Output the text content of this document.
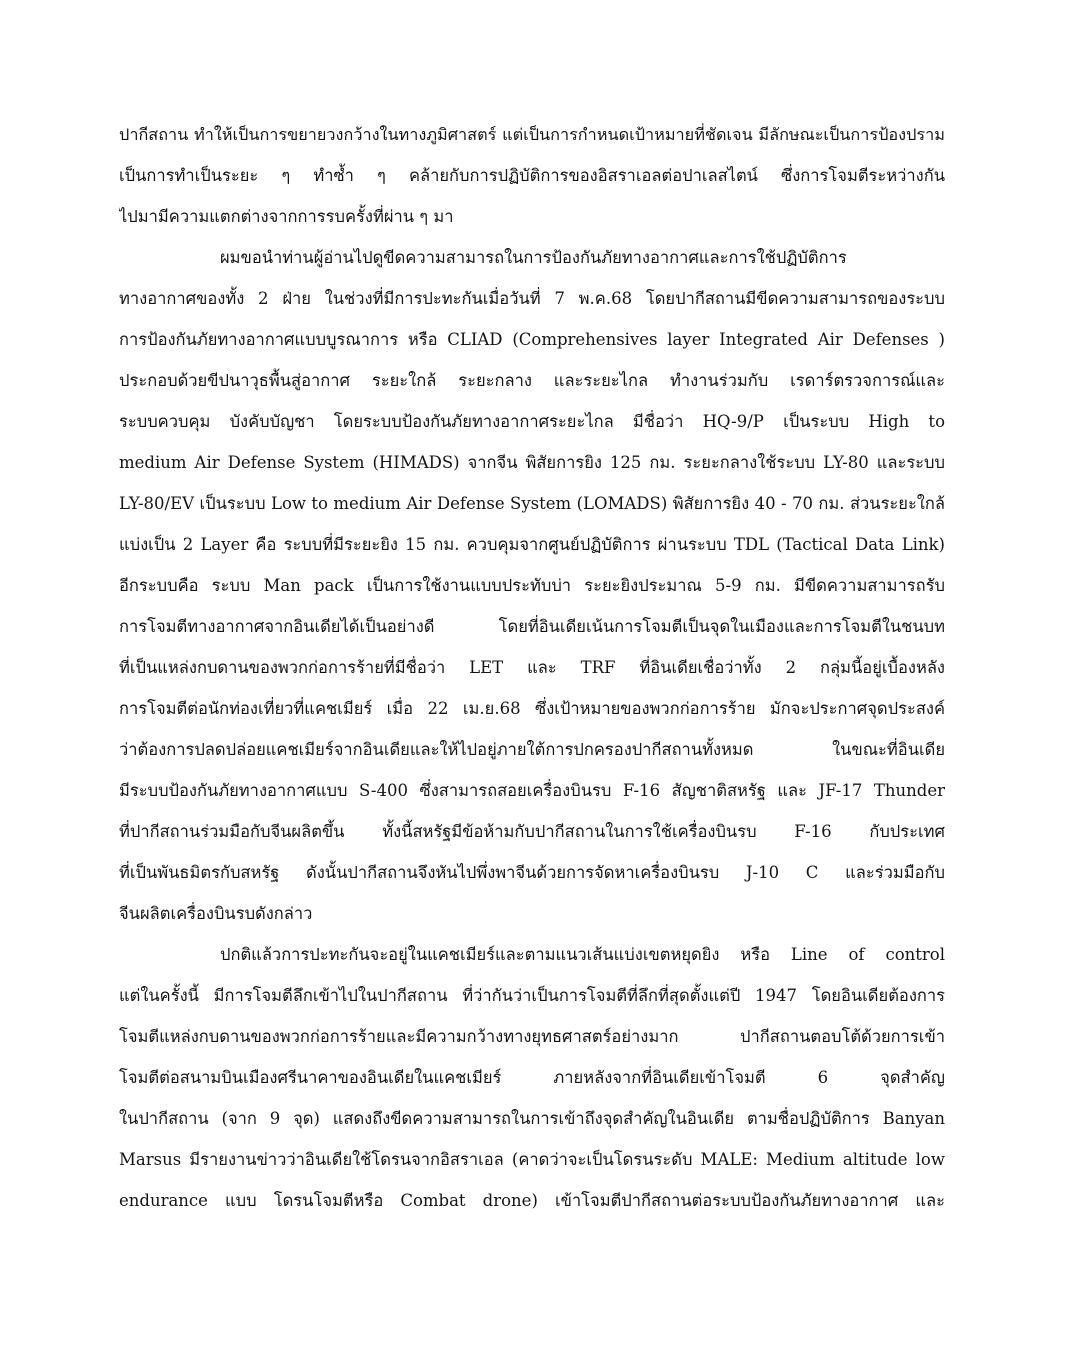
ปากีสถาน ทำให้เป็นการขยายวงกว้างในทางภูมิศาสตร์ แต่เป็นการกำหนดเป้าหมายที่ชัดเจน มีลักษณะเป็นการป้องปราม
เป็นการทำเป็นระยะ ๆ ทำซ้ำ ๆ คล้ายกับการปฏิบัติการของอิสราเอลต่อปาเลสไตน์ ซึ่งการโจมตีระหว่างกัน
ไปมามีความแตกต่างจากการรบครั้งที่ผ่าน ๆ มา
ผมขอนำท่านผู้อ่านไปดูขีดความสามารถในการป้องกันภัยทางอากาศและการใช้ปฏิบัติการ
ทางอากาศของทั้ง 2 ฝ่าย ในช่วงที่มีการปะทะกันเมื่อวันที่ 7 พ.ค.68 โดยปากีสถานมีขีดความสามารถของระบบ
การป้องกันภัยทางอากาศแบบบูรณาการ หรือ CLIAD (Comprehensives layer Integrated Air Defenses )
ประกอบด้วยขีปนาวุธพื้นสู่อากาศ ระยะใกล้ ระยะกลาง และระยะไกล ทำงานร่วมกับ เรดาร์ตรวจการณ์และ
ระบบควบคุม บังคับบัญชา โดยระบบป้องกันภัยทางอากาศระยะไกล มีชื่อว่า HQ-9/P เป็นระบบ High to
medium Air Defense System (HIMADS) จากจีน พิสัยการยิง 125 กม. ระยะกลางใช้ระบบ LY-80 และระบบ
LY-80/EV เป็นระบบ Low to medium Air Defense System (LOMADS) พิสัยการยิง 40 - 70 กม. ส่วนระยะใกล้
แบ่งเป็น 2 Layer คือ ระบบที่มีระยะยิง 15 กม. ควบคุมจากศูนย์ปฏิบัติการ ผ่านระบบ TDL (Tactical Data Link)
อีกระบบคือ ระบบ Man pack เป็นการใช้งานแบบประทับบ่า ระยะยิงประมาณ 5-9 กม. มีขีดความสามารถรับ
การโจมตีทางอากาศจากอินเดียได้เป็นอย่างดี โดยที่อินเดียเน้นการโจมตีเป็นจุดในเมืองและการโจมตีในชนบท
ที่เป็นแหล่งกบดานของพวกก่อการร้ายที่มีชื่อว่า LET และ TRF ที่อินเดียเชื่อว่าทั้ง 2 กลุ่มนี้อยู่เบื้องหลัง
การโจมตีต่อนักท่องเที่ยวที่แคชเมียร์ เมื่อ 22 เม.ย.68 ซึ่งเป้าหมายของพวกก่อการร้าย มักจะประกาศจุดประสงค์
ว่าต้องการปลดปล่อยแคชเมียร์จากอินเดียและให้ไปอยู่ภายใต้การปกครองปากีสถานทั้งหมด ในขณะที่อินเดีย
มีระบบป้องกันภัยทางอากาศแบบ S-400 ซึ่งสามารถสอยเครื่องบินรบ F-16 สัญชาติสหรัฐ และ JF-17 Thunder
ที่ปากีสถานร่วมมือกับจีนผลิตขึ้น ทั้งนี้สหรัฐมีข้อห้ามกับปากีสถานในการใช้เครื่องบินรบ F-16 กับประเทศ
ที่เป็นพันธมิตรกับสหรัฐ ดังนั้นปากีสถานจึงหันไปพึ่งพาจีนด้วยการจัดหาเครื่องบินรบ J-10 C และร่วมมือกับ
จีนผลิตเครื่องบินรบดังกล่าว
ปกติแล้วการปะทะกันจะอยู่ในแคชเมียร์และตามแนวเส้นแบ่งเขตหยุดยิง หรือ Line of control
แต่ในครั้งนี้ มีการโจมตีลึกเข้าไปในปากีสถาน ที่ว่ากันว่าเป็นการโจมตีที่ลึกที่สุดตั้งแต่ปี 1947 โดยอินเดียต้องการ
โจมตีแหล่งกบดานของพวกก่อการร้ายและมีความกว้างทางยุทธศาสตร์อย่างมาก ปากีสถานตอบโต้ด้วยการเข้า
โจมตีต่อสนามบินเมืองศรีนาคาของอินเดียในแคชเมียร์ ภายหลังจากที่อินเดียเข้าโจมตี 6 จุดสำคัญ
ในปากีสถาน (จาก 9 จุด) แสดงถึงขีดความสามารถในการเข้าถึงจุดสำคัญในอินเดีย ตามชื่อปฏิบัติการ Banyan
Marsus มีรายงานข่าวว่าอินเดียใช้โดรนจากอิสราเอล (คาดว่าจะเป็นโดรนระดับ MALE: Medium altitude low
endurance แบบ โดรนโจมตีหรือ Combat drone) เข้าโจมตีปากีสถานต่อระบบป้องกันภัยทางอากาศ และ
